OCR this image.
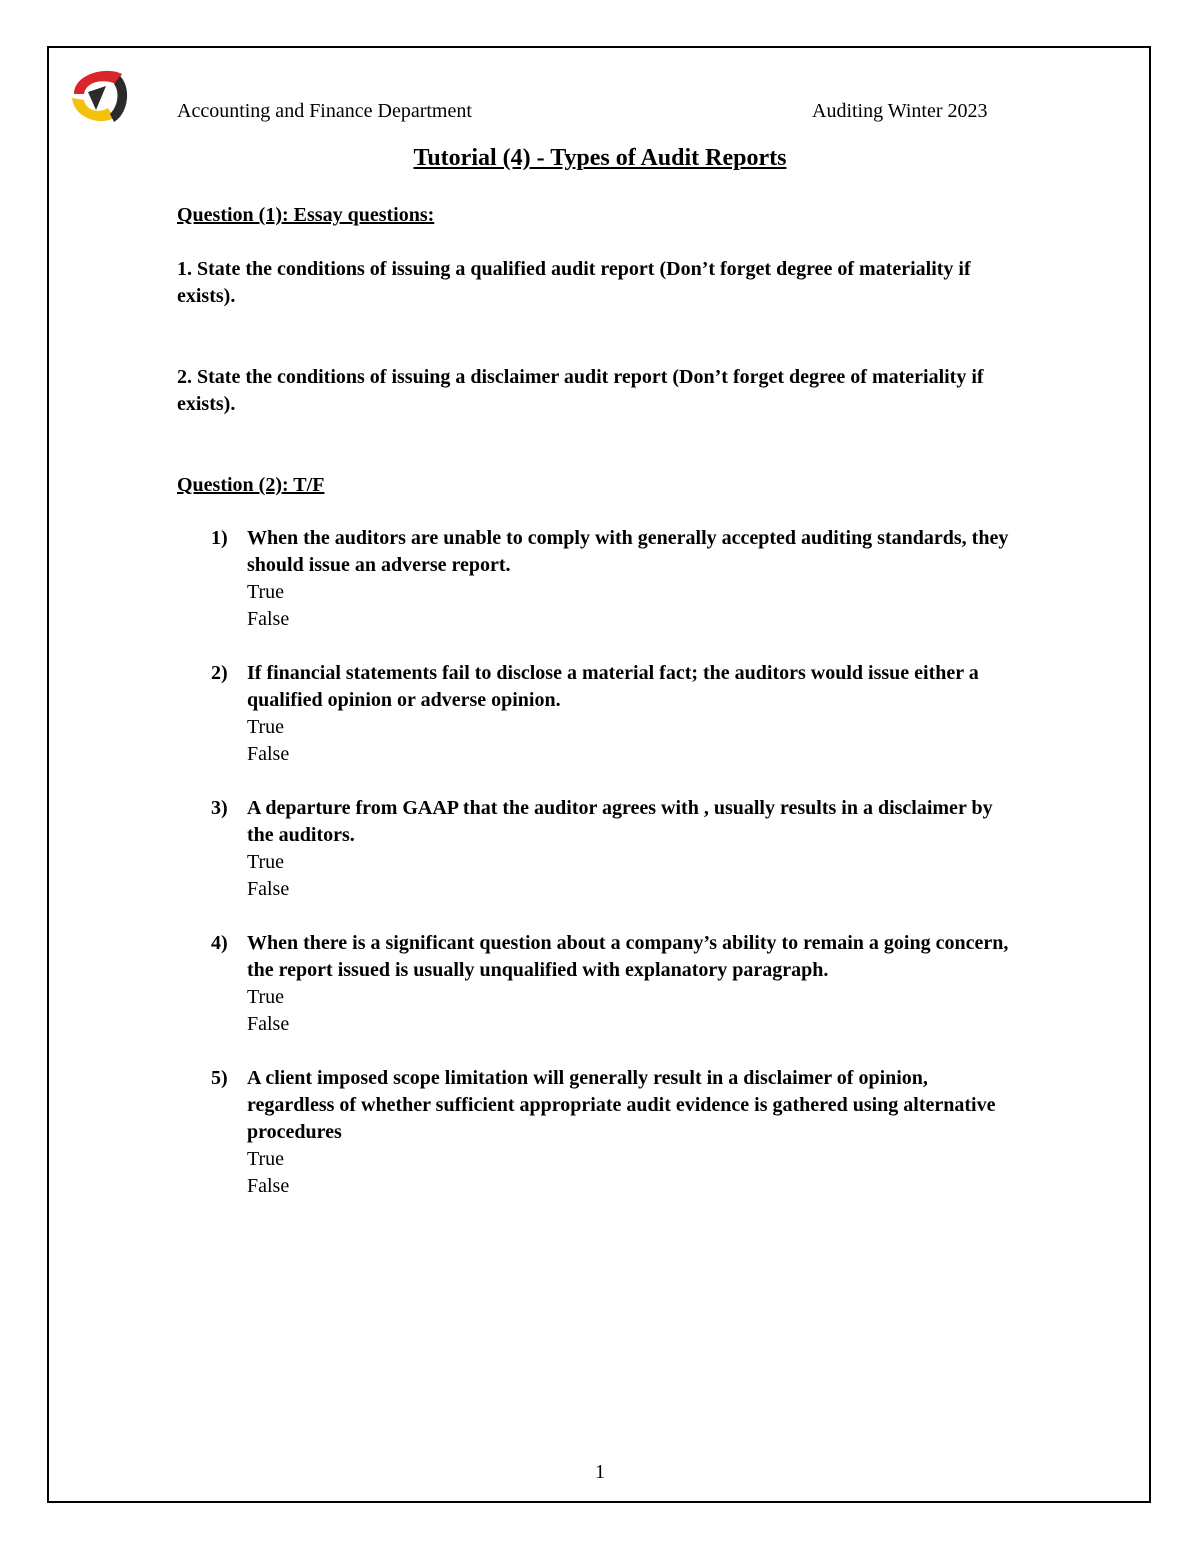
Accounting and Finance Department	Auditing Winter 2023
Tutorial (4) - Types of Audit Reports
Question (1): Essay questions:
1. State the conditions of issuing a qualified audit report (Don’t forget degree of materiality if exists).
2. State the conditions of issuing a disclaimer audit report (Don’t forget degree of materiality if exists).
Question (2): T/F
1) When the auditors are unable to comply with generally accepted auditing standards, they should issue an adverse report.
True
False
2) If financial statements fail to disclose a material fact; the auditors would issue either a qualified opinion or adverse opinion.
True
False
3) A departure from GAAP that the auditor agrees with , usually results in a disclaimer by the auditors.
True
False
4) When there is a significant question about a company’s ability to remain a going concern, the report issued is usually unqualified with explanatory paragraph.
True
False
5) A client imposed scope limitation will generally result in a disclaimer of opinion, regardless of whether sufficient appropriate audit evidence is gathered using alternative procedures
True
False
1
